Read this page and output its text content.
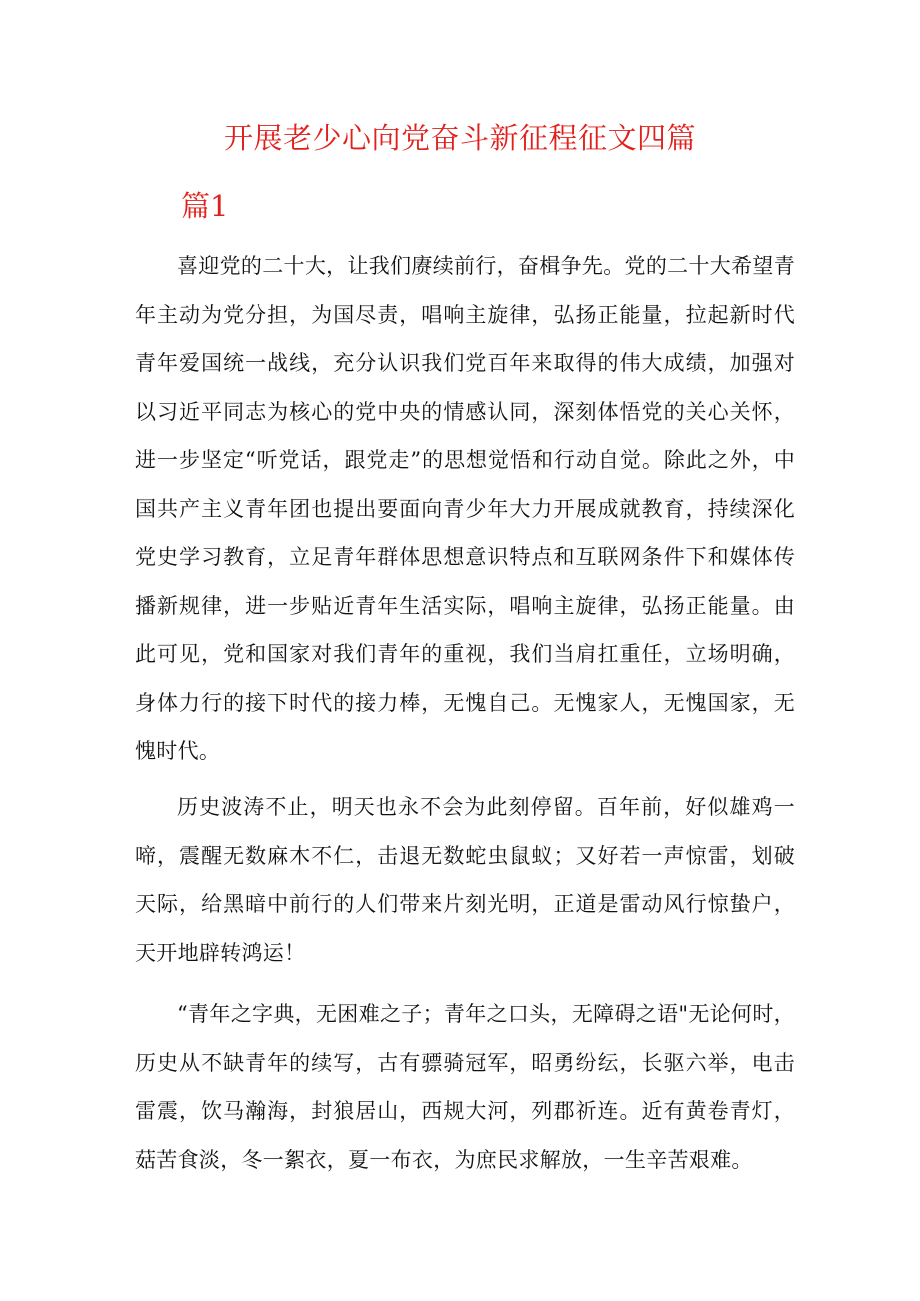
开展老少心向党奋斗新征程征文四篇
篇1

喜迎党的二十大，让我们赓续前行，奋楫争先。党的二十大希望青年主动为党分担，为国尽责，唱响主旋律，弘扬正能量，拉起新时代青年爱国统一战线，充分认识我们党百年来取得的伟大成绩，加强对以习近平同志为核心的党中央的情感认同，深刻体悟党的关心关怀，进一步坚定“听党话，跟党走”的思想觉悟和行动自觉。除此之外，中国共产主义青年团也提出要面向青少年大力开展成就教育，持续深化党史学习教育，立足青年群体思想意识特点和互联网条件下和媒体传播新规律，进一步贴近青年生活实际，唱响主旋律，弘扬正能量。由此可见，党和国家对我们青年的重视，我们当肩扛重任，立场明确，身体力行的接下时代的接力棒，无愧自己。无愧家人，无愧国家，无愧时代。

历史波涛不止，明天也永不会为此刻停留。百年前，好似雄鸡一啼，震醒无数麻木不仁，击退无数蛇虫鼠蚁；又好若一声惊雷，划破天际，给黑暗中前行的人们带来片刻光明，正道是雷动风行惊蛰户，天开地辟转鸿运！

“青年之字典，无困难之子；青年之口头，无障碍之语"无论何时，历史从不缺青年的续写，古有骠骑冠军，昭勇纷纭，长驱六举，电击雷震，饮马瀚海，封狼居山，西规大河，列郡祈连。近有黄卷青灯，菇苦食淡，冬一絮衣，夏一布衣，为庶民求解放，一生辛苦艰难。
